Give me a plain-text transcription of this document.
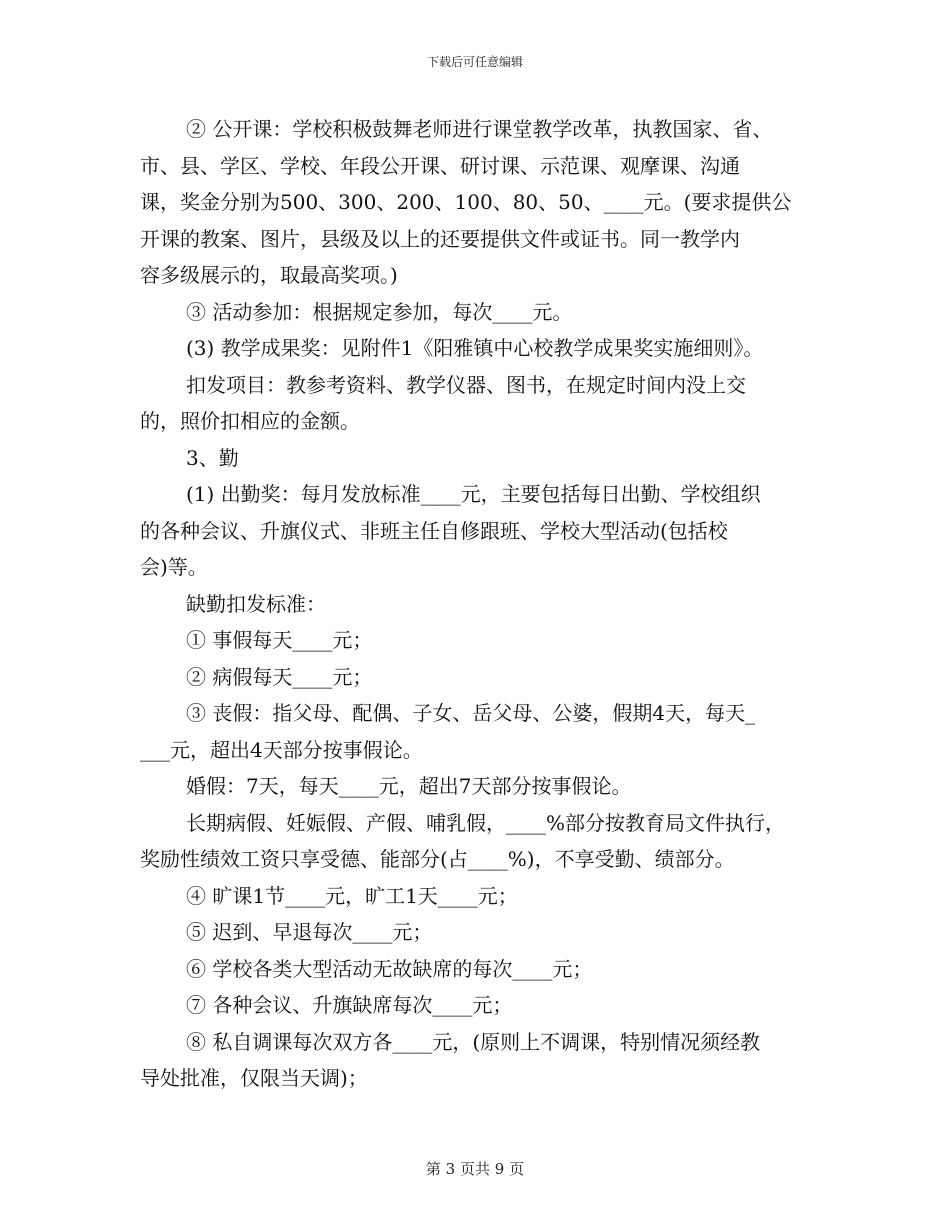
下载后可任意编辑
② 公开课：学校积极鼓舞老师进行课堂教学改革，执教国家、省、
市、县、学区、学校、年段公开课、研讨课、示范课、观摩课、沟通
课，奖金分别为500、300、200、100、80、50、____元。(要求提供公
开课的教案、图片，县级及以上的还要提供文件或证书。同一教学内
容多级展示的，取最高奖项。)
③ 活动参加：根据规定参加，每次____元。
(3) 教学成果奖：见附件1《阳雅镇中心校教学成果奖实施细则》。
扣发项目：教参考资料、教学仪器、图书，在规定时间内没上交
的，照价扣相应的金额。
3、勤
(1) 出勤奖：每月发放标准____元，主要包括每日出勤、学校组织
的各种会议、升旗仪式、非班主任自修跟班、学校大型活动(包括校
会)等。
缺勤扣发标准：
① 事假每天____元；
② 病假每天____元；
③ 丧假：指父母、配偶、子女、岳父母、公婆，假期4天，每天_
___元，超出4天部分按事假论。
婚假：7天，每天____元，超出7天部分按事假论。
长期病假、妊娠假、产假、哺乳假，____%部分按教育局文件执行，
奖励性绩效工资只享受德、能部分(占____%)，不享受勤、绩部分。
④ 旷课1节____元，旷工1天____元；
⑤ 迟到、早退每次____元；
⑥ 学校各类大型活动无故缺席的每次____元；
⑦ 各种会议、升旗缺席每次____元；
⑧ 私自调课每次双方各____元，(原则上不调课，特别情况须经教
导处批准，仅限当天调)；
第 3 页共 9 页
